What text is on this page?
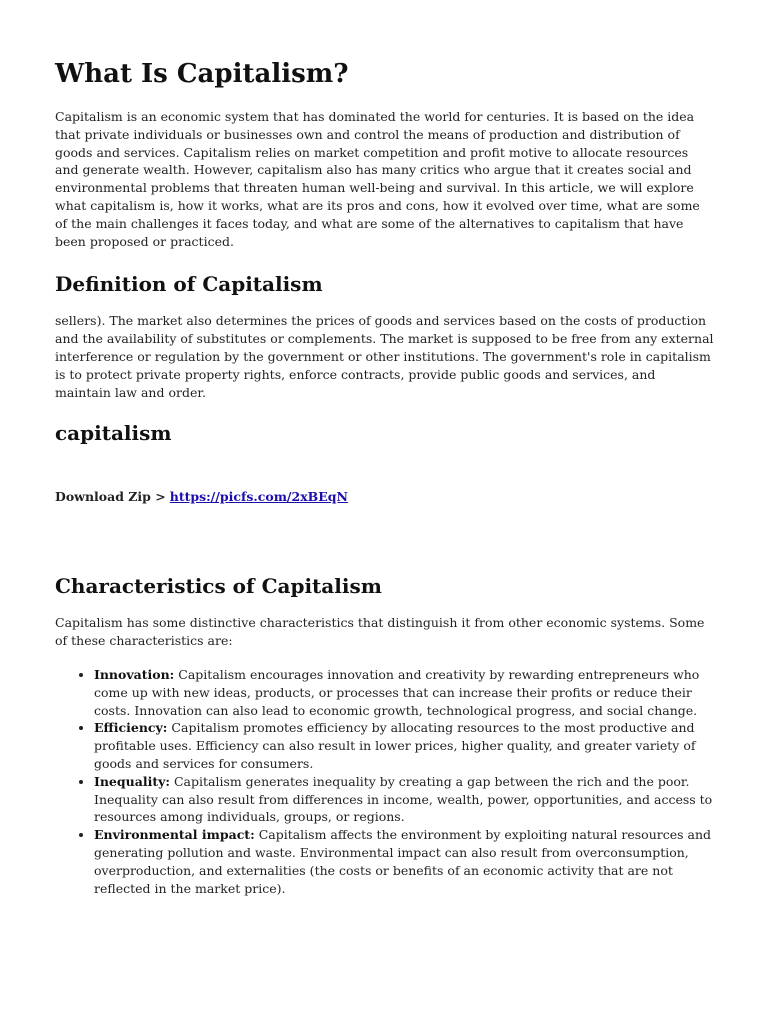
What Is Capitalism?

Capitalism is an economic system that has dominated the world for centuries. It is based on the idea that private individuals or businesses own and control the means of production and distribution of goods and services. Capitalism relies on market competition and profit motive to allocate resources and generate wealth. However, capitalism also has many critics who argue that it creates social and environmental problems that threaten human well-being and survival. In this article, we will explore what capitalism is, how it works, what are its pros and cons, how it evolved over time, what are some of the main challenges it faces today, and what are some of the alternatives to capitalism that have been proposed or practiced.

Definition of Capitalism

sellers). The market also determines the prices of goods and services based on the costs of production and the availability of substitutes or complements. The market is supposed to be free from any external interference or regulation by the government or other institutions. The government's role in capitalism is to protect private property rights, enforce contracts, provide public goods and services, and maintain law and order.

capitalism

Download Zip > https://picfs.com/2xBEqN

Characteristics of Capitalism

Capitalism has some distinctive characteristics that distinguish it from other economic systems. Some of these characteristics are:

• Innovation: Capitalism encourages innovation and creativity by rewarding entrepreneurs who come up with new ideas, products, or processes that can increase their profits or reduce their costs. Innovation can also lead to economic growth, technological progress, and social change.
• Efficiency: Capitalism promotes efficiency by allocating resources to the most productive and profitable uses. Efficiency can also result in lower prices, higher quality, and greater variety of goods and services for consumers.
• Inequality: Capitalism generates inequality by creating a gap between the rich and the poor. Inequality can also result from differences in income, wealth, power, opportunities, and access to resources among individuals, groups, or regions.
• Environmental impact: Capitalism affects the environment by exploiting natural resources and generating pollution and waste. Environmental impact can also result from overconsumption, overproduction, and externalities (the costs or benefits of an economic activity that are not reflected in the market price).
